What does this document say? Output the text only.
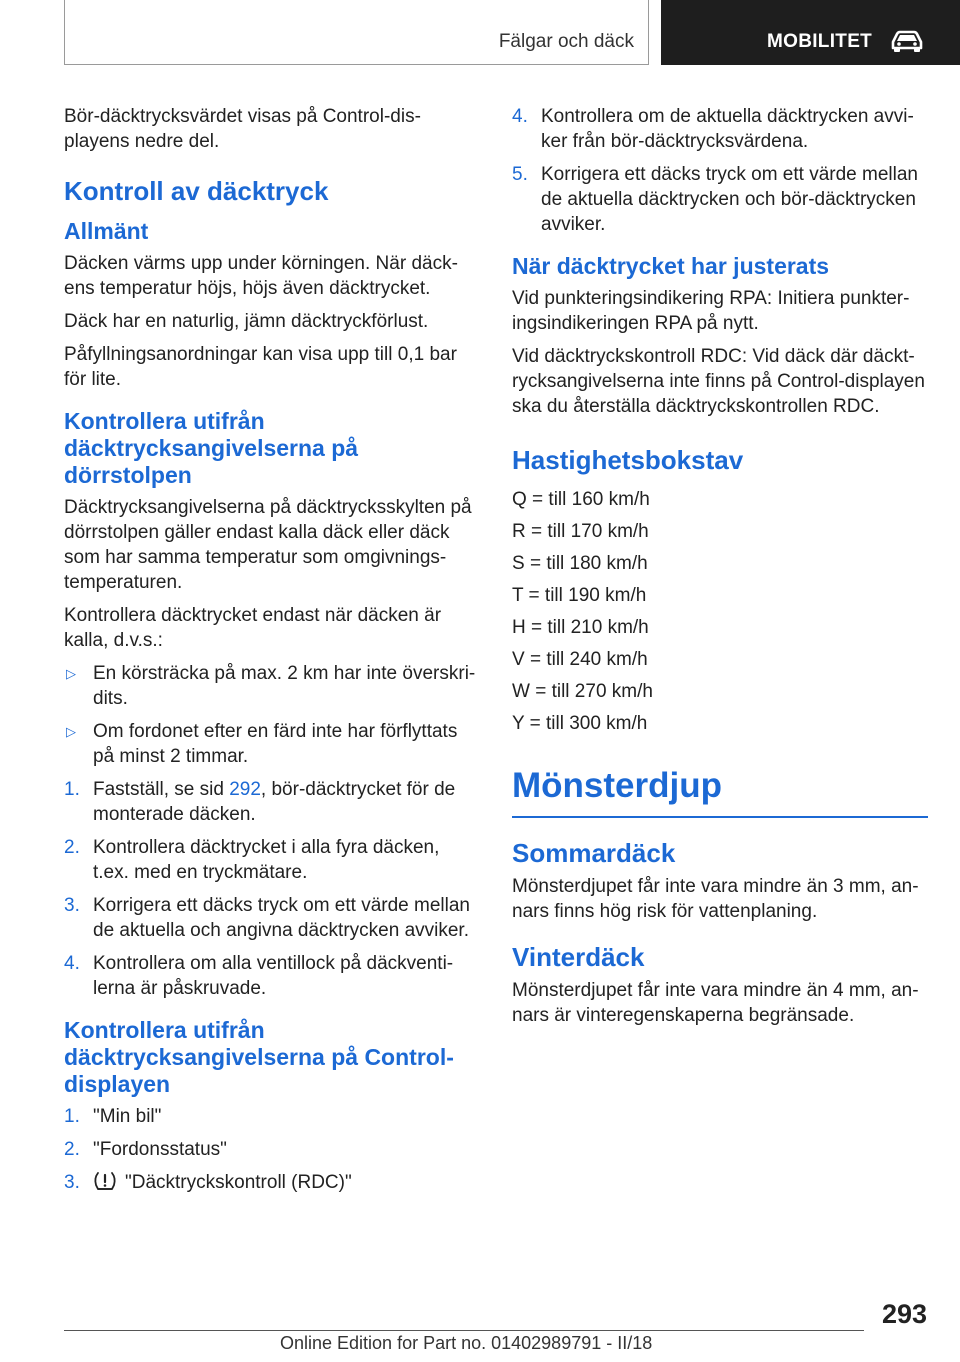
Fälgar och däck	MOBILITET

Bör-däcktrycksvärdet visas på Control-displayens nedre del.

Kontroll av däcktryck
Allmänt

Däcken värms upp under körningen. När däckens temperatur höjs, höjs även däcktrycket.

Däck har en naturlig, jämn däcktryckförlust.

Påfyllningsanordningar kan visa upp till 0,1 bar för lite.

Kontrollera utifrån däcktrycksangivelserna på dörrstolpen

Däcktrycksangivelserna på däcktrycksskylten på dörrstolpen gäller endast kalla däck eller däck som har samma temperatur som omgivningstemperaturen.

Kontrollera däcktrycket endast när däcken är kalla, d.v.s.:

▷ En körsträcka på max. 2 km har inte överskridits.
▷ Om fordonet efter en färd inte har förflyttats på minst 2 timmar.
1. Fastställ, se sid 292, bör-däcktrycket för de monterade däcken.
2. Kontrollera däcktrycket i alla fyra däcken, t.ex. med en tryckmätare.
3. Korrigera ett däcks tryck om ett värde mellan de aktuella och angivna däcktrycken avviker.
4. Kontrollera om alla ventillock på däckventilerna är påskruvade.
Kontrollera utifrån däcktrycksangivelserna på Controldisplayen
1. "Min bil"
2. "Fordonsstatus"
3. "Däcktryckskontroll (RDC)"
4. Kontrollera om de aktuella däcktrycken avviker från bör-däcktrycksvärdena.
5. Korrigera ett däcks tryck om ett värde mellan de aktuella däcktrycken och bör-däcktrycken avviker.
När däcktrycket har justerats

Vid punkteringsindikering RPA: Initiera punkteringsindikeringen RPA på nytt.

Vid däcktryckskontroll RDC: Vid däck där däcktrycksangivelserna inte finns på Control-displayen ska du återställa däcktryckskontrollen RDC.

Hastighetsbokstav

Q = till 160 km/h

R = till 170 km/h

S = till 180 km/h

T = till 190 km/h

H = till 210 km/h

V = till 240 km/h

W = till 270 km/h

Y = till 300 km/h

Mönsterdjup
Sommardäck

Mönsterdjupet får inte vara mindre än 3 mm, annars finns hög risk för vattenplaning.

Vinterdäck

Mönsterdjupet får inte vara mindre än 4 mm, annars är vinteregenskaperna begränsade.

293
Online Edition for Part no. 01402989791 - II/18
